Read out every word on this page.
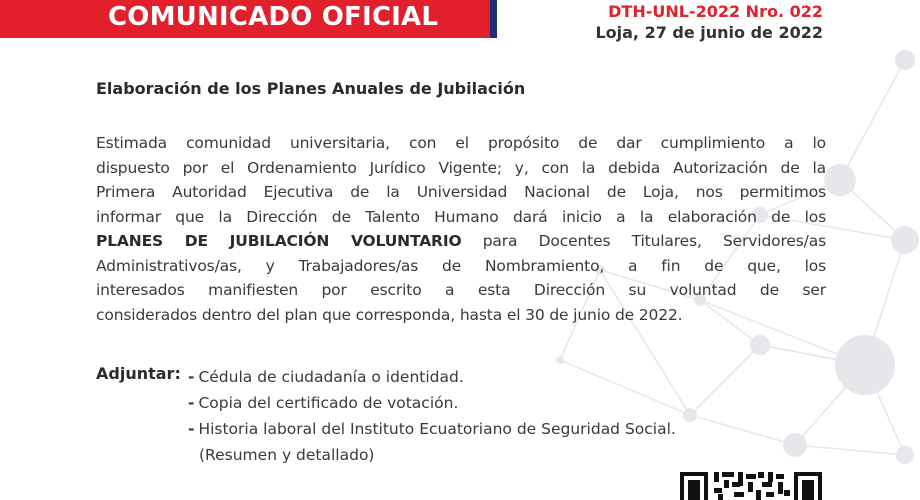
COMUNICADO OFICIAL	DTH-UNL-2022 Nro. 022
Loja, 27 de junio de 2022
Elaboración de los Planes Anuales de Jubilación
Estimada comunidad universitaria, con el propósito de dar cumplimiento a lo
dispuesto por el Ordenamiento Jurídico Vigente; y, con la debida Autorización de la
Primera Autoridad Ejecutiva de la Universidad Nacional de Loja, nos permitimos
informar que la Dirección de Talento Humano dará inicio a la elaboración de los
PLANES DE JUBILACIÓN VOLUNTARIO para Docentes Titulares, Servidores/as
Administrativos/as, y Trabajadores/as de Nombramiento, a fin de que, los
interesados manifiesten por escrito a esta Dirección su voluntad de ser
considerados dentro del plan que corresponda, hasta el 30 de junio de 2022.
Adjuntar: - Cédula de ciudadanía o identidad.
- Copia del certificado de votación.
- Historia laboral del Instituto Ecuatoriano de Seguridad Social.
(Resumen y detallado)
